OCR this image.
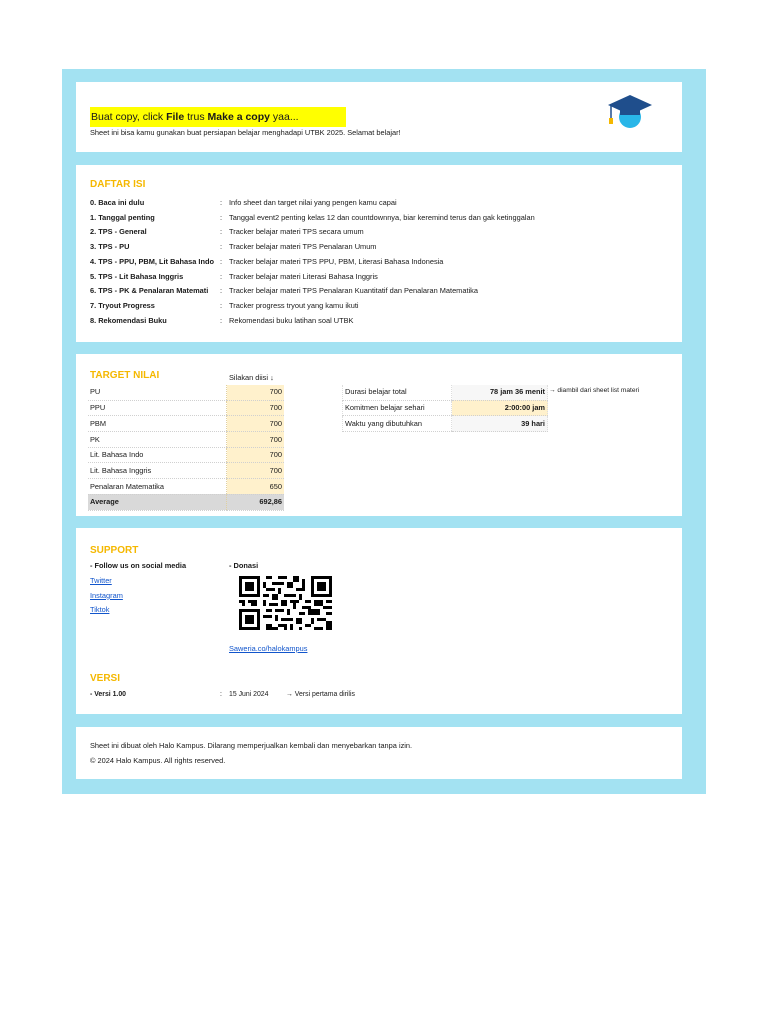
Buat copy, click File trus Make a copy yaa...
Sheet ini bisa kamu gunakan buat persiapan belajar menghadapi UTBK 2025. Selamat belajar!
DAFTAR ISI
0. Baca ini dulu	: Info sheet dan target nilai yang pengen kamu capai
1. Tanggal penting	: Tanggal event2 penting kelas 12 dan countdownnya, biar keremind terus dan gak ketinggalan
2. TPS - General	: Tracker belajar materi TPS secara umum
3. TPS - PU	: Tracker belajar materi TPS Penalaran Umum
4. TPS - PPU, PBM, Lit Bahasa Indo : Tracker belajar materi TPS PPU, PBM, Literasi Bahasa Indonesia
5. TPS - Lit Bahasa Inggris	: Tracker belajar materi Literasi Bahasa Inggris
6. TPS - PK & Penalaran Matemati : Tracker belajar materi TPS Penalaran Kuantitatif dan Penalaran Matematika
7. Tryout Progress	: Tracker progress tryout yang kamu ikuti
8. Rekomendasi Buku	: Rekomendasi buku latihan soal UTBK
TARGET NILAI	Silakan diisi ↓
PU	700
PPU	700
PBM	700
PK	700
Lit. Bahasa Indo	700
Lit. Bahasa Inggris	700
Penalaran Matematika	650
Average	692,86
Durasi belajar total	78 jam 36 menit
Komitmen belajar sehari	2:00:00 jam
Waktu yang dibutuhkan	39 hari
→ diambil dari sheet list materi
SUPPORT
- Follow us on social media
Twitter
Instagram
Tiktok
- Donasi
Saweria.co/halokampus
VERSI
- Versi 1.00	: 15 Juni 2024	→ Versi pertama dirilis
Sheet ini dibuat oleh Halo Kampus. Dilarang memperjualkan kembali dan menyebarkan tanpa izin.
© 2024 Halo Kampus. All rights reserved.
